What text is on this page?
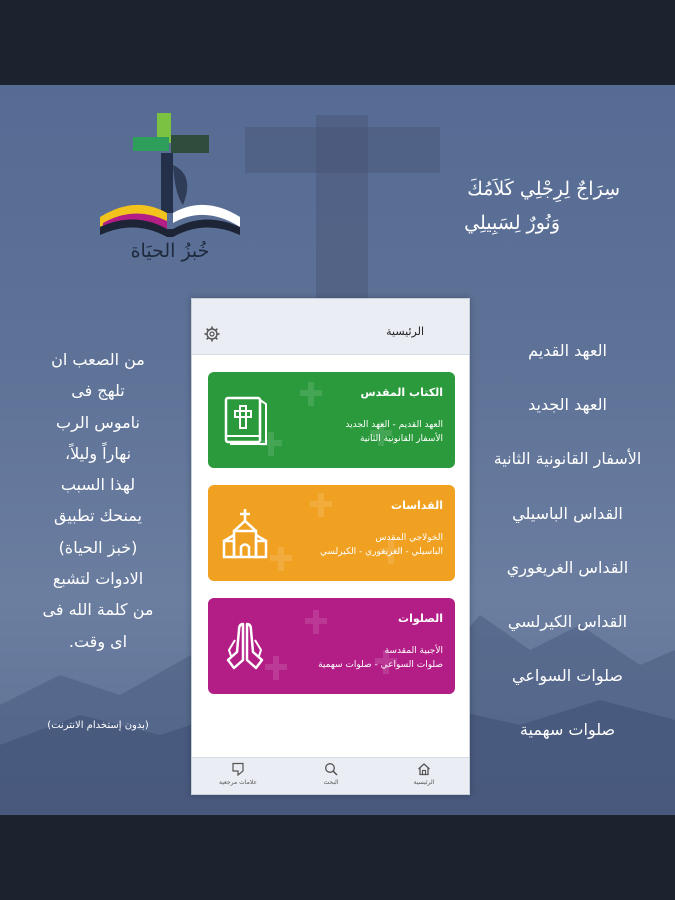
خُبزُ الحيَاة
سِرَاجٌ لِرِجْلِي كَلاَمُكَ
وَنُورٌ لِسَبِيلِي
من الصعب ان
تلهج فى
ناموس الرب
نهاراً وليلاً،
لهذا السبب
يمنحك تطبيق
(خبز الحياة)
الادوات لتشبع
من كلمة الله فى
اى وقت.
(بدون إستخدام الانترنت)
العهد القديم
العهد الجديد
الأسفار القانونية الثانية
القداس الباسيلي
القداس الغريغوري
القداس الكيرلسي
صلوات السواعي
صلوات سهمية
الرئيسية
الكتاب المقدس
العهد القديم - العهد الجديد
الأسفار القانونية الثانية
القداسات
الخولاجي المقدس
الباسيلي - الغريغوري - الكيرلسي
الصلوات
الأجبية المقدسة
صلوات السواعي - صلوات سهمية
الرئيسية
البحث
علامات مرجعية
